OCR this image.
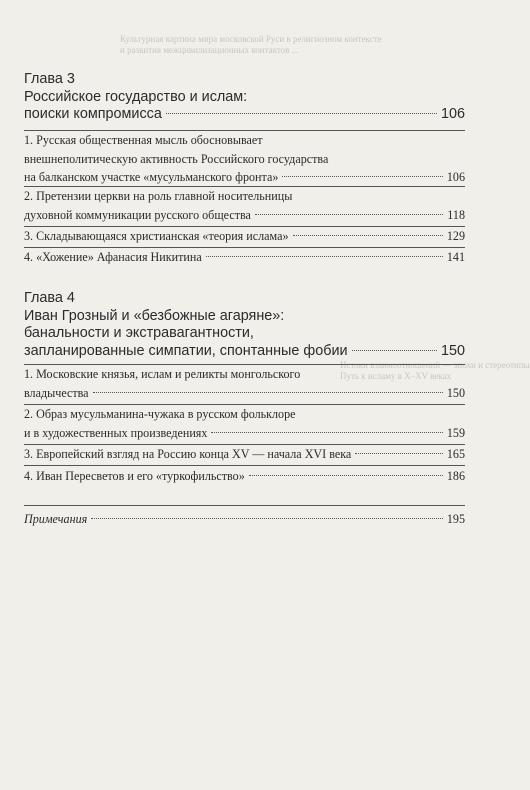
Культурная картина мира московской Руси в религиозном контексте
и развития межцивилизационных контактов ...
Истоки взаимоотношений — эпохи и стереотипы
Путь к исламу в X–XV веках
Глава 3
Российское государство и ислам:
поиски компромисса	106
1. Русская общественная мысль обосновывает
внешнеполитическую активность Российского государства
на балканском участке «мусульманского фронта»	106
2. Претензии церкви на роль главной носительницы
духовной коммуникации русского общества	118
3. Складывающаяся христианская «теория ислама»	129
4. «Хожение» Афанасия Никитина	141
Глава 4
Иван Грозный и «безбожные агаряне»:
банальности и экстравагантности,
запланированные симпатии, спонтанные фобии	150
1. Московские князья, ислам и реликты монгольского
владычества	150
2. Образ мусульманина-чужака в русском фольклоре
и в художественных произведениях	159
3. Европейский взгляд на Россию конца XV — начала XVI века	165
4. Иван Пересветов и его «туркофильство»	186
Примечания	195
